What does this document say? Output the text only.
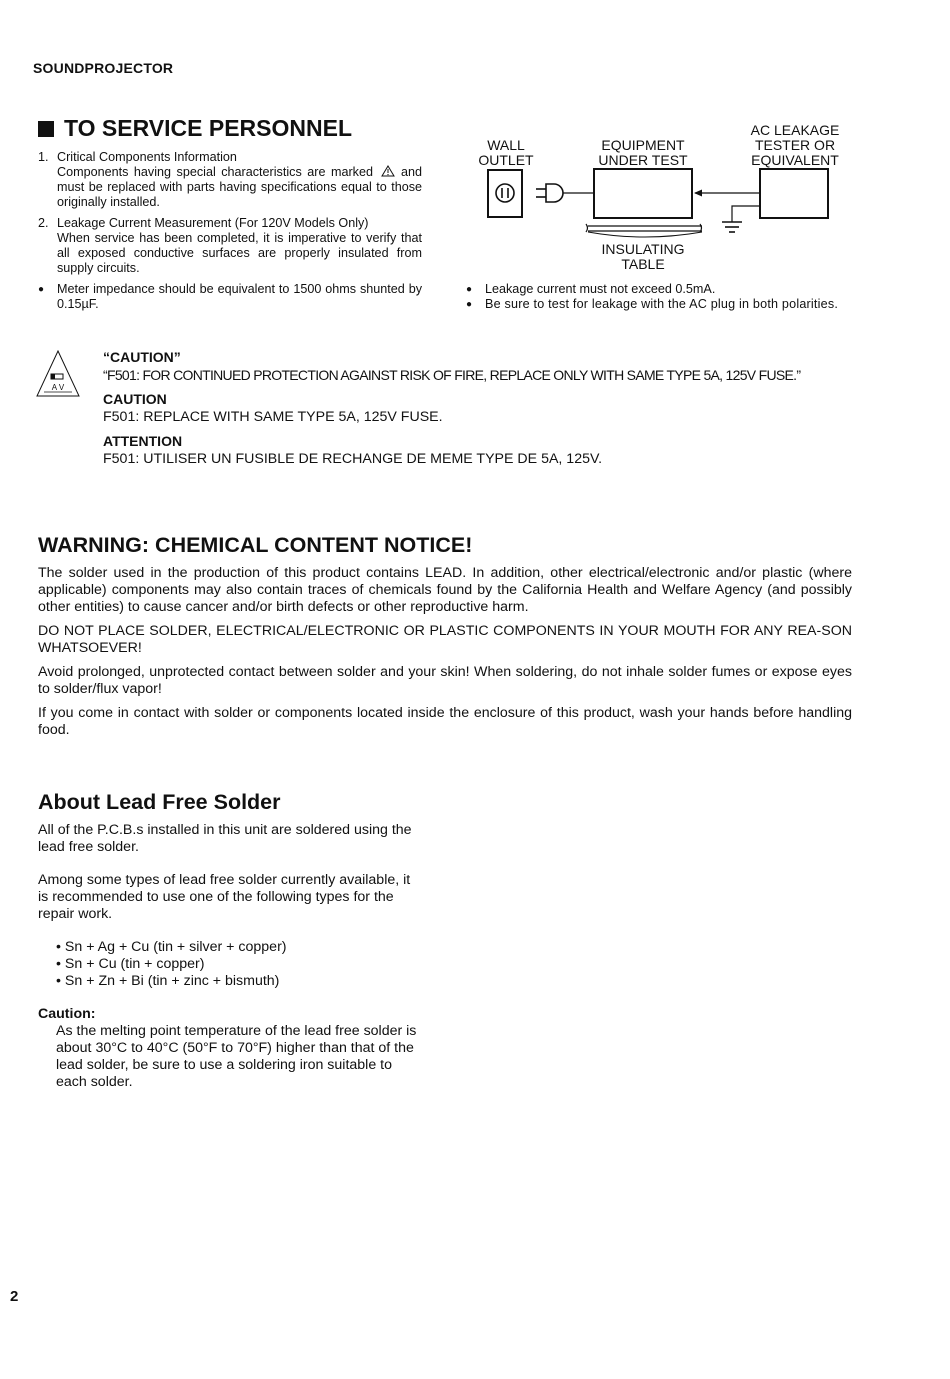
SOUNDPROJECTOR
TO SERVICE PERSONNEL
1. Critical Components Information
Components having special characteristics are marked and must be replaced with parts having specifications equal to those originally installed.
2. Leakage Current Measurement (For 120V Models Only)
When service has been completed, it is imperative to verify that all exposed conductive surfaces are properly insulated from supply circuits.
●	Meter impedance should be equivalent to 1500 ohms shunted by 0.15µF.
WALL
OUTLET
EQUIPMENT
UNDER TEST
AC LEAKAGE
TESTER OR
EQUIVALENT
INSULATING
TABLE
●	Leakage current must not exceed 0.5mA.
●	Be sure to test for leakage with the AC plug in both polarities.
A V
“CAUTION”
“F501: FOR CONTINUED PROTECTION AGAINST RISK OF FIRE, REPLACE ONLY WITH SAME TYPE 5A, 125V FUSE.”
CAUTION
F501: REPLACE WITH SAME TYPE 5A, 125V FUSE.
ATTENTION
F501: UTILISER UN FUSIBLE DE RECHANGE DE MEME TYPE DE 5A, 125V.
WARNING: CHEMICAL CONTENT NOTICE!

The solder used in the production of this product contains LEAD. In addition, other electrical/electronic and/or plastic (where applicable) components may also contain traces of chemicals found by the California Health and Welfare Agency (and possibly other entities) to cause cancer and/or birth defects or other reproductive harm.

DO NOT PLACE SOLDER, ELECTRICAL/ELECTRONIC OR PLASTIC COMPONENTS IN YOUR MOUTH FOR ANY REA-SON WHATSOEVER!

Avoid prolonged, unprotected contact between solder and your skin! When soldering, do not inhale solder fumes or expose eyes to solder/flux vapor!

If you come in contact with solder or components located inside the enclosure of this product, wash your hands before handling food.

About Lead Free Solder

All of the P.C.B.s installed in this unit are soldered using the lead free solder.

Among some types of lead free solder currently available, it is recommended to use one of the following types for the repair work.

• Sn + Ag + Cu (tin + silver + copper)
• Sn + Cu (tin + copper)
• Sn + Zn + Bi (tin + zinc + bismuth)
Caution:
As the melting point temperature of the lead free solder is about 30°C to 40°C (50°F to 70°F) higher than that of the lead solder, be sure to use a soldering iron suitable to each solder.
2
